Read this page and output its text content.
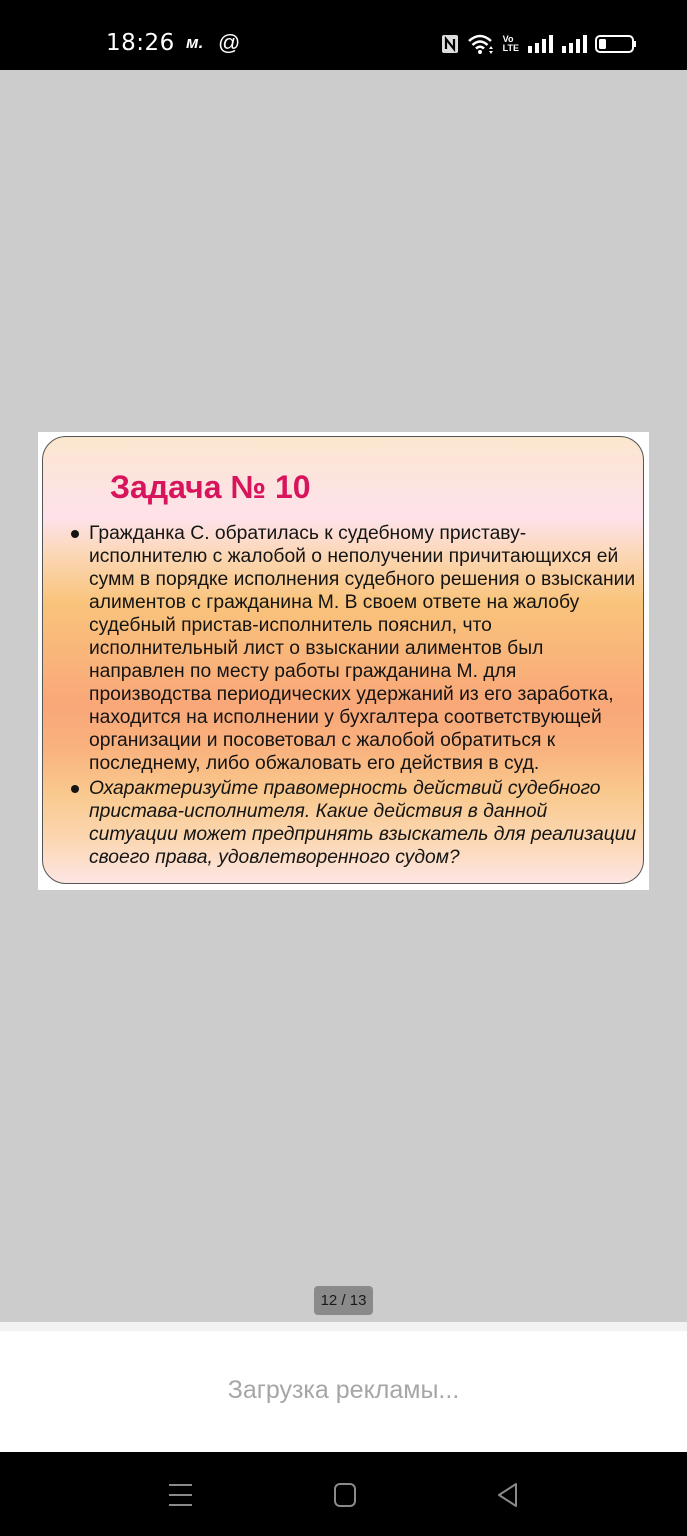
18:26 м. @	Vo
LTE
Задача № 10
Гражданка С. обратилась к судебному приставу-исполнителю с жалобой о неполучении причитающихся ей сумм в порядке исполнения судебного решения о взыскании алиментов с гражданина М. В своем ответе на жалобу судебный пристав-исполнитель пояснил, что исполнительный лист о взыскании алиментов был направлен по месту работы гражданина М. для производства периодических удержаний из его заработка, находится на исполнении у бухгалтера соответствующей организации и посоветовал с жалобой обратиться к последнему, либо обжаловать его действия в суд.
Охарактеризуйте правомерность действий судебного пристава-исполнителя. Какие действия в данной ситуации может предпринять взыскатель для реализации своего права, удовлетворенного судом?
12 / 13
Загрузка рекламы...
